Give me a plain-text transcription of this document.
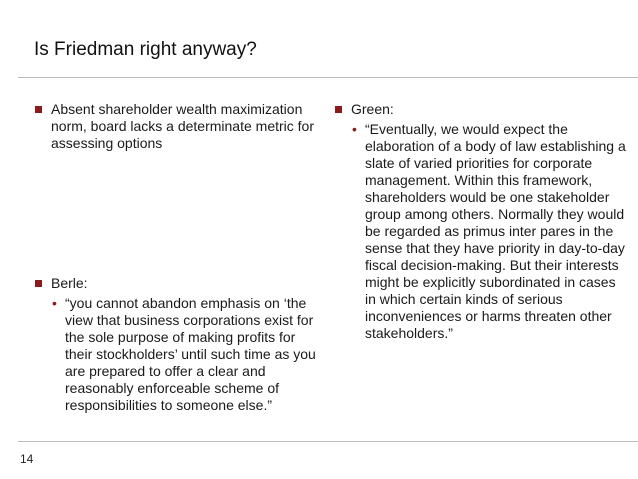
Is Friedman right anyway?
Absent shareholder wealth maximization norm, board lacks a determinate metric for assessing options
Berle:
• “you cannot abandon emphasis on ‘the view that business corporations exist for the sole purpose of making profits for their stockholders’ until such time as you are prepared to offer a clear and reasonably enforceable scheme of responsibilities to someone else.”
Green:
• “Eventually, we would expect the elaboration of a body of law establishing a slate of varied priorities for corporate management. Within this framework, shareholders would be one stakeholder group among others. Normally they would be regarded as primus inter pares in the sense that they have priority in day-to-day fiscal decision-making. But their interests might be explicitly subordinated in cases in which certain kinds of serious inconveniences or harms threaten other stakeholders.”
14
